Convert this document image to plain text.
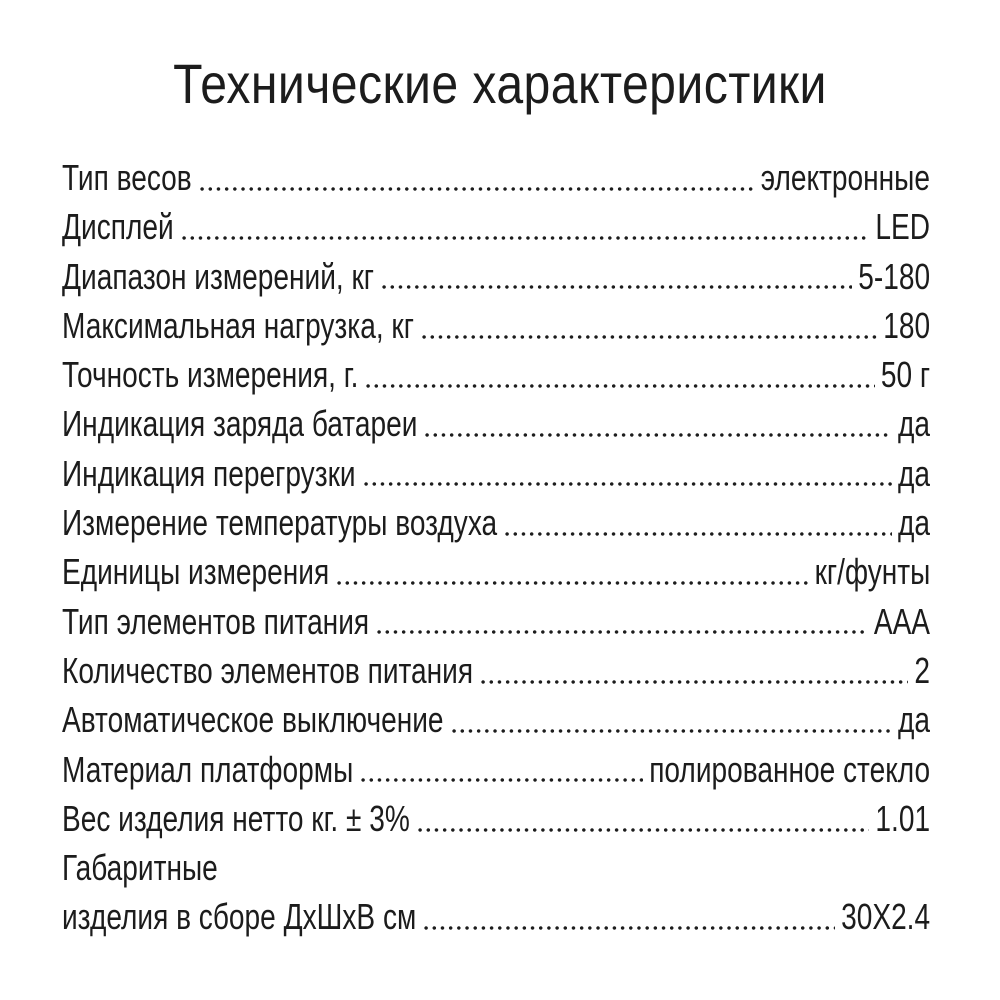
Технические характеристики
Тип весов	электронные
Дисплей	LED
Диапазон измерений, кг	5-180
Максимальная нагрузка, кг	180
Точность измерения, г.	50 г
Индикация заряда батареи	да
Индикация перегрузки	да
Измерение температуры воздуха	да
Единицы измерения	кг/фунты
Тип элементов питания	AAA
Количество элементов питания	2
Автоматическое выключение	да
Материал платформы	полированное стекло
Вес изделия нетто кг. ± 3%	1.01
Габаритные
изделия в сборе ДхШхВ см	30X2.4
